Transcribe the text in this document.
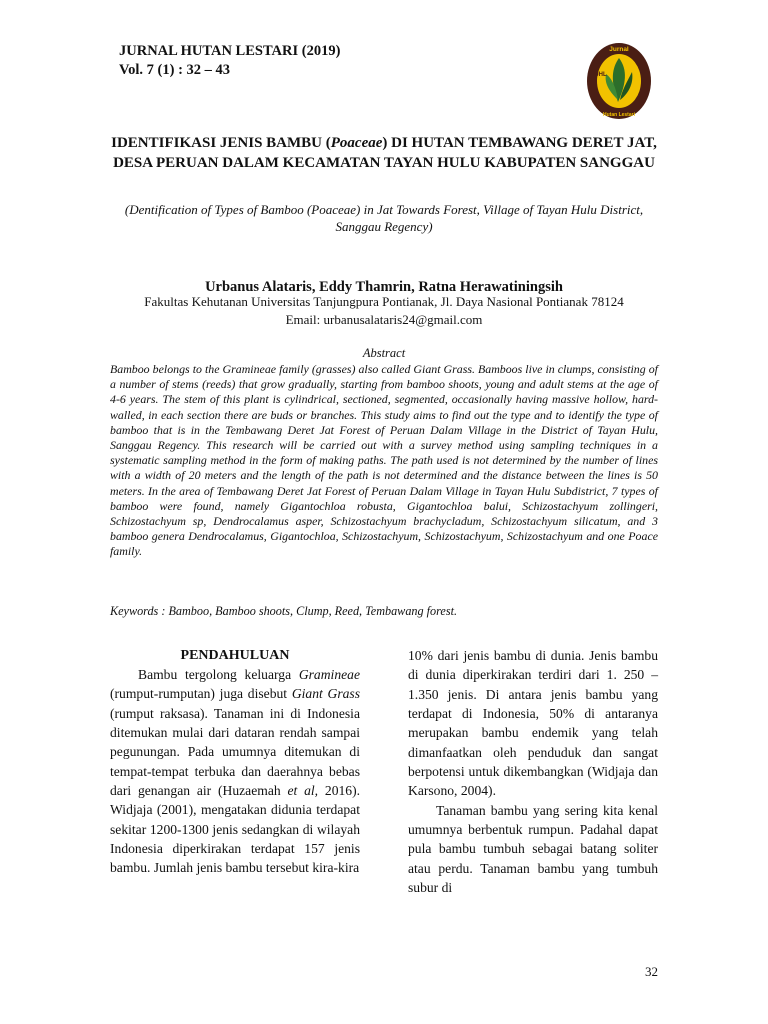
JURNAL HUTAN LESTARI (2019)
Vol. 7 (1) : 32 – 43
Jurnal
JHL
Hutan Lestari
IDENTIFIKASI JENIS BAMBU (Poaceae) DI HUTAN TEMBAWANG DERET JAT, DESA PERUAN DALAM KECAMATAN TAYAN HULU KABUPATEN SANGGAU
(Dentification of Types of Bamboo (Poaceae) in Jat Towards Forest, Village of Tayan Hulu District, Sanggau Regency)
Urbanus Alataris, Eddy Thamrin, Ratna Herawatiningsih
Fakultas Kehutanan Universitas Tanjungpura Pontianak, Jl. Daya Nasional Pontianak 78124
Email: urbanusalataris24@gmail.com
Abstract
Bamboo belongs to the Gramineae family (grasses) also called Giant Grass. Bamboos live in clumps, consisting of a number of stems (reeds) that grow gradually, starting from bamboo shoots, young and adult stems at the age of 4-6 years. The stem of this plant is cylindrical, sectioned, segmented, occasionally having massive hollow, hard-walled, in each section there are buds or branches. This study aims to find out the type and to identify the type of bamboo that is in the Tembawang Deret Jat Forest of Peruan Dalam Village in the District of Tayan Hulu, Sanggau Regency. This research will be carried out with a survey method using sampling techniques in a systematic sampling method in the form of making paths. The path used is not determined by the number of lines with a width of 20 meters and the length of the path is not determined and the distance between the lines is 50 meters. In the area of Tembawang Deret Jat Forest of Peruan Dalam Village in Tayan Hulu Subdistrict, 7 types of bamboo were found, namely Gigantochloa robusta, Gigantochloa balui, Schizostachyum zollingeri, Schizostachyum sp, Dendrocalamus asper, Schizostachyum brachycladum, Schizostachyum silicatum, and 3 bamboo genera Dendrocalamus, Gigantochloa, Schizostachyum, Schizostachyum, Schizostachyum and one Poace family.
Keywords : Bamboo, Bamboo shoots, Clump, Reed, Tembawang forest.
PENDAHULUAN

Bambu tergolong keluarga Gramineae (rumput-rumputan) juga disebut Giant Grass (rumput raksasa). Tanaman ini di Indonesia ditemukan mulai dari dataran rendah sampai pegunungan. Pada umumnya ditemukan di tempat-tempat terbuka dan daerahnya bebas dari genangan air (Huzaemah et al, 2016). Widjaja (2001), mengatakan didunia terdapat sekitar 1200-1300 jenis sedangkan di wilayah Indonesia diperkirakan terdapat 157 jenis bambu. Jumlah jenis bambu tersebut kira-kira

10% dari jenis bambu di dunia. Jenis bambu di dunia diperkirakan terdiri dari 1. 250 –1.350 jenis. Di antara jenis bambu yang terdapat di Indonesia, 50% di antaranya merupakan bambu endemik yang telah dimanfaatkan oleh penduduk dan sangat berpotensi untuk dikembangkan (Widjaja dan Karsono, 2004).

Tanaman bambu yang sering kita kenal umumnya berbentuk rumpun. Padahal dapat pula bambu tumbuh sebagai batang soliter atau perdu. Tanaman bambu yang tumbuh subur di

32
